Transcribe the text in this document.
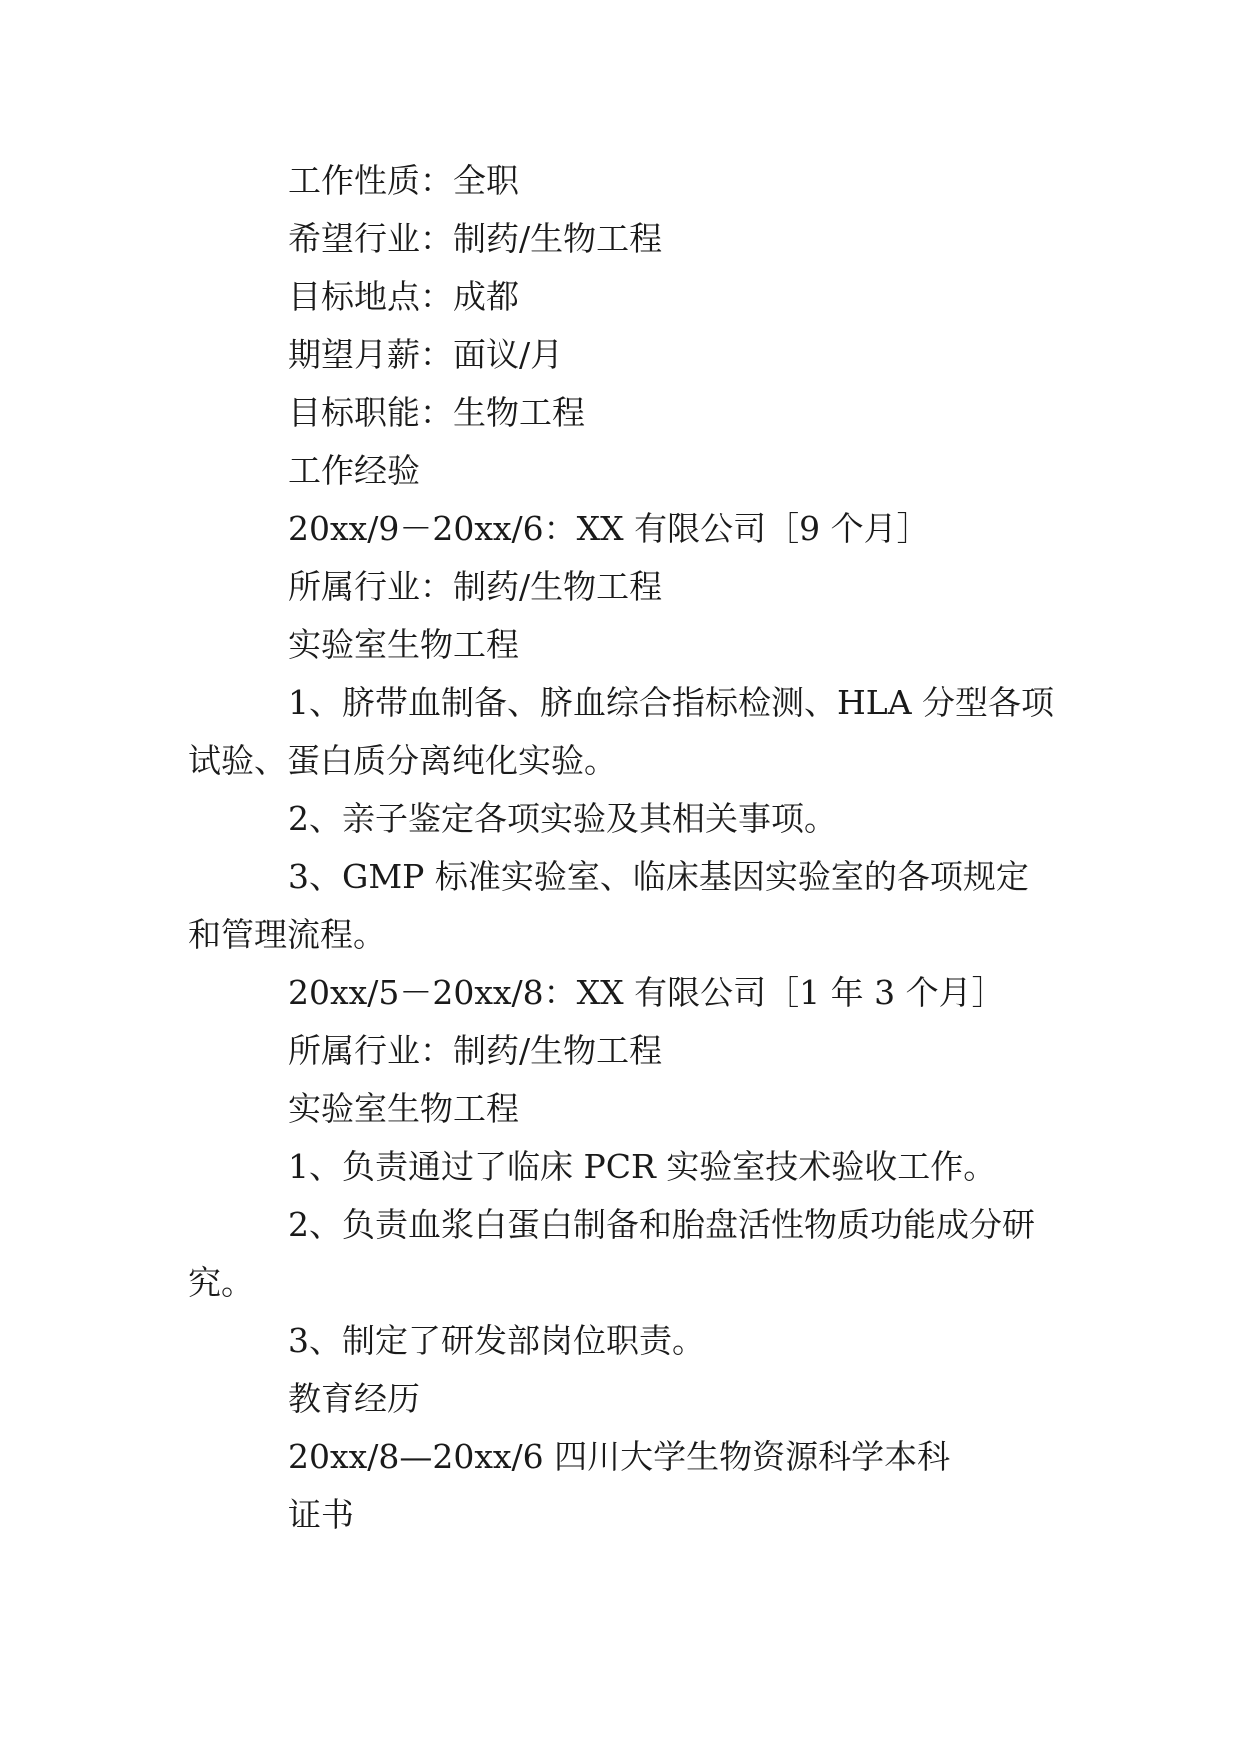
工作性质：全职

希望行业：制药/生物工程

目标地点：成都

期望月薪：面议/月

目标职能：生物工程

工作经验

20xx/9－20xx/6：XX 有限公司［9 个月］

所属行业：制药/生物工程

实验室生物工程

1、脐带血制备、脐血综合指标检测、HLA 分型各项试验、蛋白质分离纯化实验。

2、亲子鉴定各项实验及其相关事项。

3、GMP 标准实验室、临床基因实验室的各项规定和管理流程。

20xx/5－20xx/8：XX 有限公司［1 年 3 个月］

所属行业：制药/生物工程

实验室生物工程

1、负责通过了临床 PCR 实验室技术验收工作。

2、负责血浆白蛋白制备和胎盘活性物质功能成分研究。

3、制定了研发部岗位职责。

教育经历

20xx/8—20xx/6 四川大学生物资源科学本科

证书
